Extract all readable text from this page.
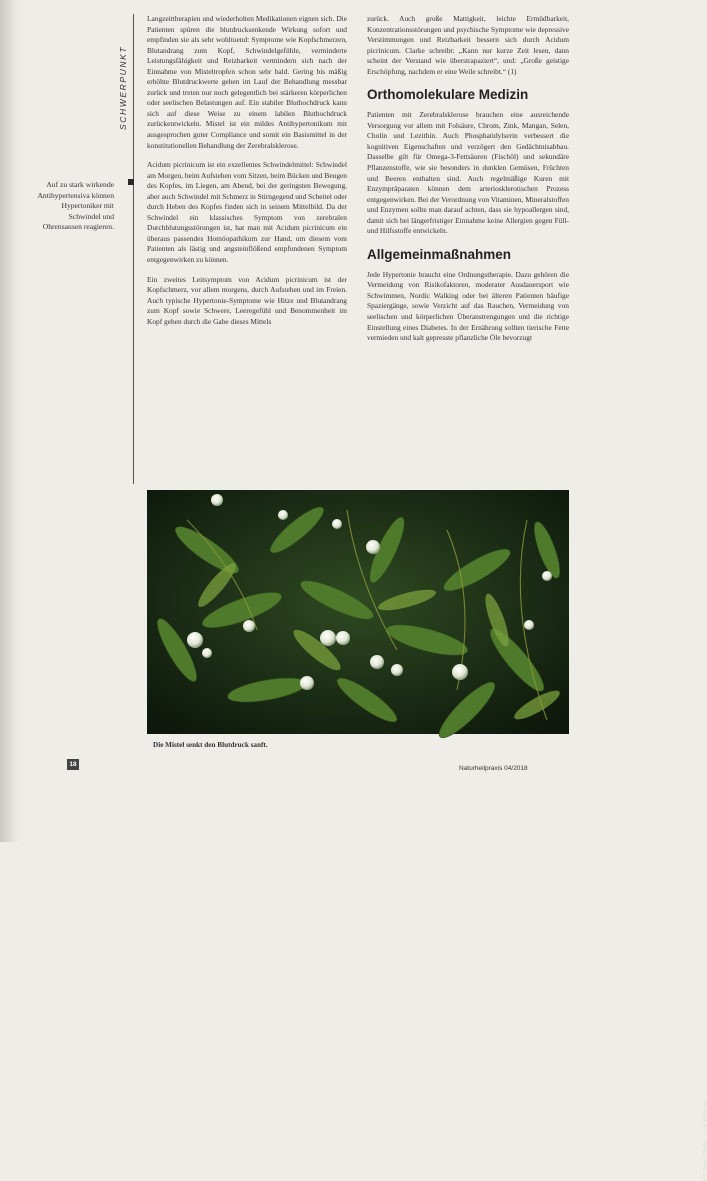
SCHWERPUNKT
Auf zu stark wirkende Antihypertensiva können Hypertoniker mit Schwindel und Ohrensausen reagieren.

Langzeittherapien und wiederholten Medikationen eignen sich. Die Patienten spüren die blutdrucksenkende Wirkung sofort und empfinden sie als sehr wohltuend: Symptome wie Kopfschmerzen, Blutandrang zum Kopf, Schwindelgefühle, verminderte Leistungsfähigkeit und Reizbarkeit vermindern sich nach der Einnahme von Misteltropfen schon sehr bald. Gering bis mäßig erhöhte Blutdruckwerte gehen im Lauf der Behandlung messbar zurück und treten nur noch gelegentlich bei stärkeren körperlichen oder seelischen Belastungen auf. Ein stabiler Bluthochdruck kann sich auf diese Weise zu einem labilen Bluthochdruck zurückentwickeln. Mistel ist ein mildes Antihypertonikum mit ausgesprochen guter Compliance und somit ein Basismittel in der konstitutionellen Behandlung der Zerebralsklerose.

Acidum picrinicum ist ein exzellentes Schwindelmittel: Schwindel am Morgen, beim Aufstehen vom Sitzen, beim Bücken und Beugen des Kopfes, im Liegen, am Abend, bei der geringsten Bewegung, aber auch Schwindel mit Schmerz in Stirngegend und Scheitel oder durch Heben des Kopfes finden sich in seinem Mittelbild. Da der Schwindel ein klassisches Symptom von zerebralen Durchblutungsstörungen ist, hat man mit Acidum picrinicum ein überaus passendes Homöopathikum zur Hand, um diesem vom Patienten als lästig und angsteinflößend empfundenen Symptom entgegenwirken zu können.

Ein zweites Leitsymptom von Acidum picrinicum ist der Kopfschmerz, vor allem morgens, durch Aufstehen und im Freien. Auch typische Hypertonie-Symptome wie Hitze und Blutandrang zum Kopf sowie Schwere, Leeregefühl und Benommenheit im Kopf gehen durch die Gabe dieses Mittels

zurück. Auch große Mattigkeit, leichte Ermüdbarkeit, Konzentrationsstörungen und psychische Symptome wie depressive Verstimmungen und Reizbarkeit bessern sich durch Acidum picrinicum. Clarke schreibt: „Kann nur kurze Zeit lesen, dann scheint der Verstand wie überstrapaziert“, und: „Große geistige Erschöpfung, nachdem er eine Weile schreibt.“ (1)

Orthomolekulare Medizin

Patienten mit Zerebralsklerose brauchen eine ausreichende Versorgung vor allem mit Folsäure, Chrom, Zink, Mangan, Selen, Cholin und Lezithin. Auch Phosphatidylserin verbessert die kognitiven Eigenschaften und verzögert den Gedächtnisabbau. Dasselbe gilt für Omega-3-Fettsäuren (Fischöl) und sekundäre Pflanzenstoffe, wie sie besonders in dunklen Gemüsen, Früchten und Beeren enthalten sind. Auch regelmäßige Kuren mit Enzympräparaten können dem arteriosklerotischen Prozess entgegenwirken. Bei der Verordnung von Vitaminen, Mineralstoffen und Enzymen sollte man darauf achten, dass sie hypoallergen sind, damit sich bei längerfristiger Einnahme keine Allergien gegen Füll- und Hilfsstoffe entwickeln.

Allgemeinmaßnahmen

Jede Hypertonie braucht eine Ordnungstherapie. Dazu gehören die Vermeidung von Risikofaktoren, moderater Ausdauersport wie Schwimmen, Nordic Walking oder bei älteren Patienten häufige Spaziergänge, sowie Verzicht auf das Rauchen, Vermeidung von seelischen und körperlichen Überanstrengungen und die richtige Einstellung eines Diabetes. In der Ernährung sollten tierische Fette vermieden und kalt gepresste pflanzliche Öle bevorzugt

Foto: Anna Schreiber – stock.adobe.com
Die Mistel senkt den Blutdruck sanft.
18
Naturheilpraxis 04/2018
